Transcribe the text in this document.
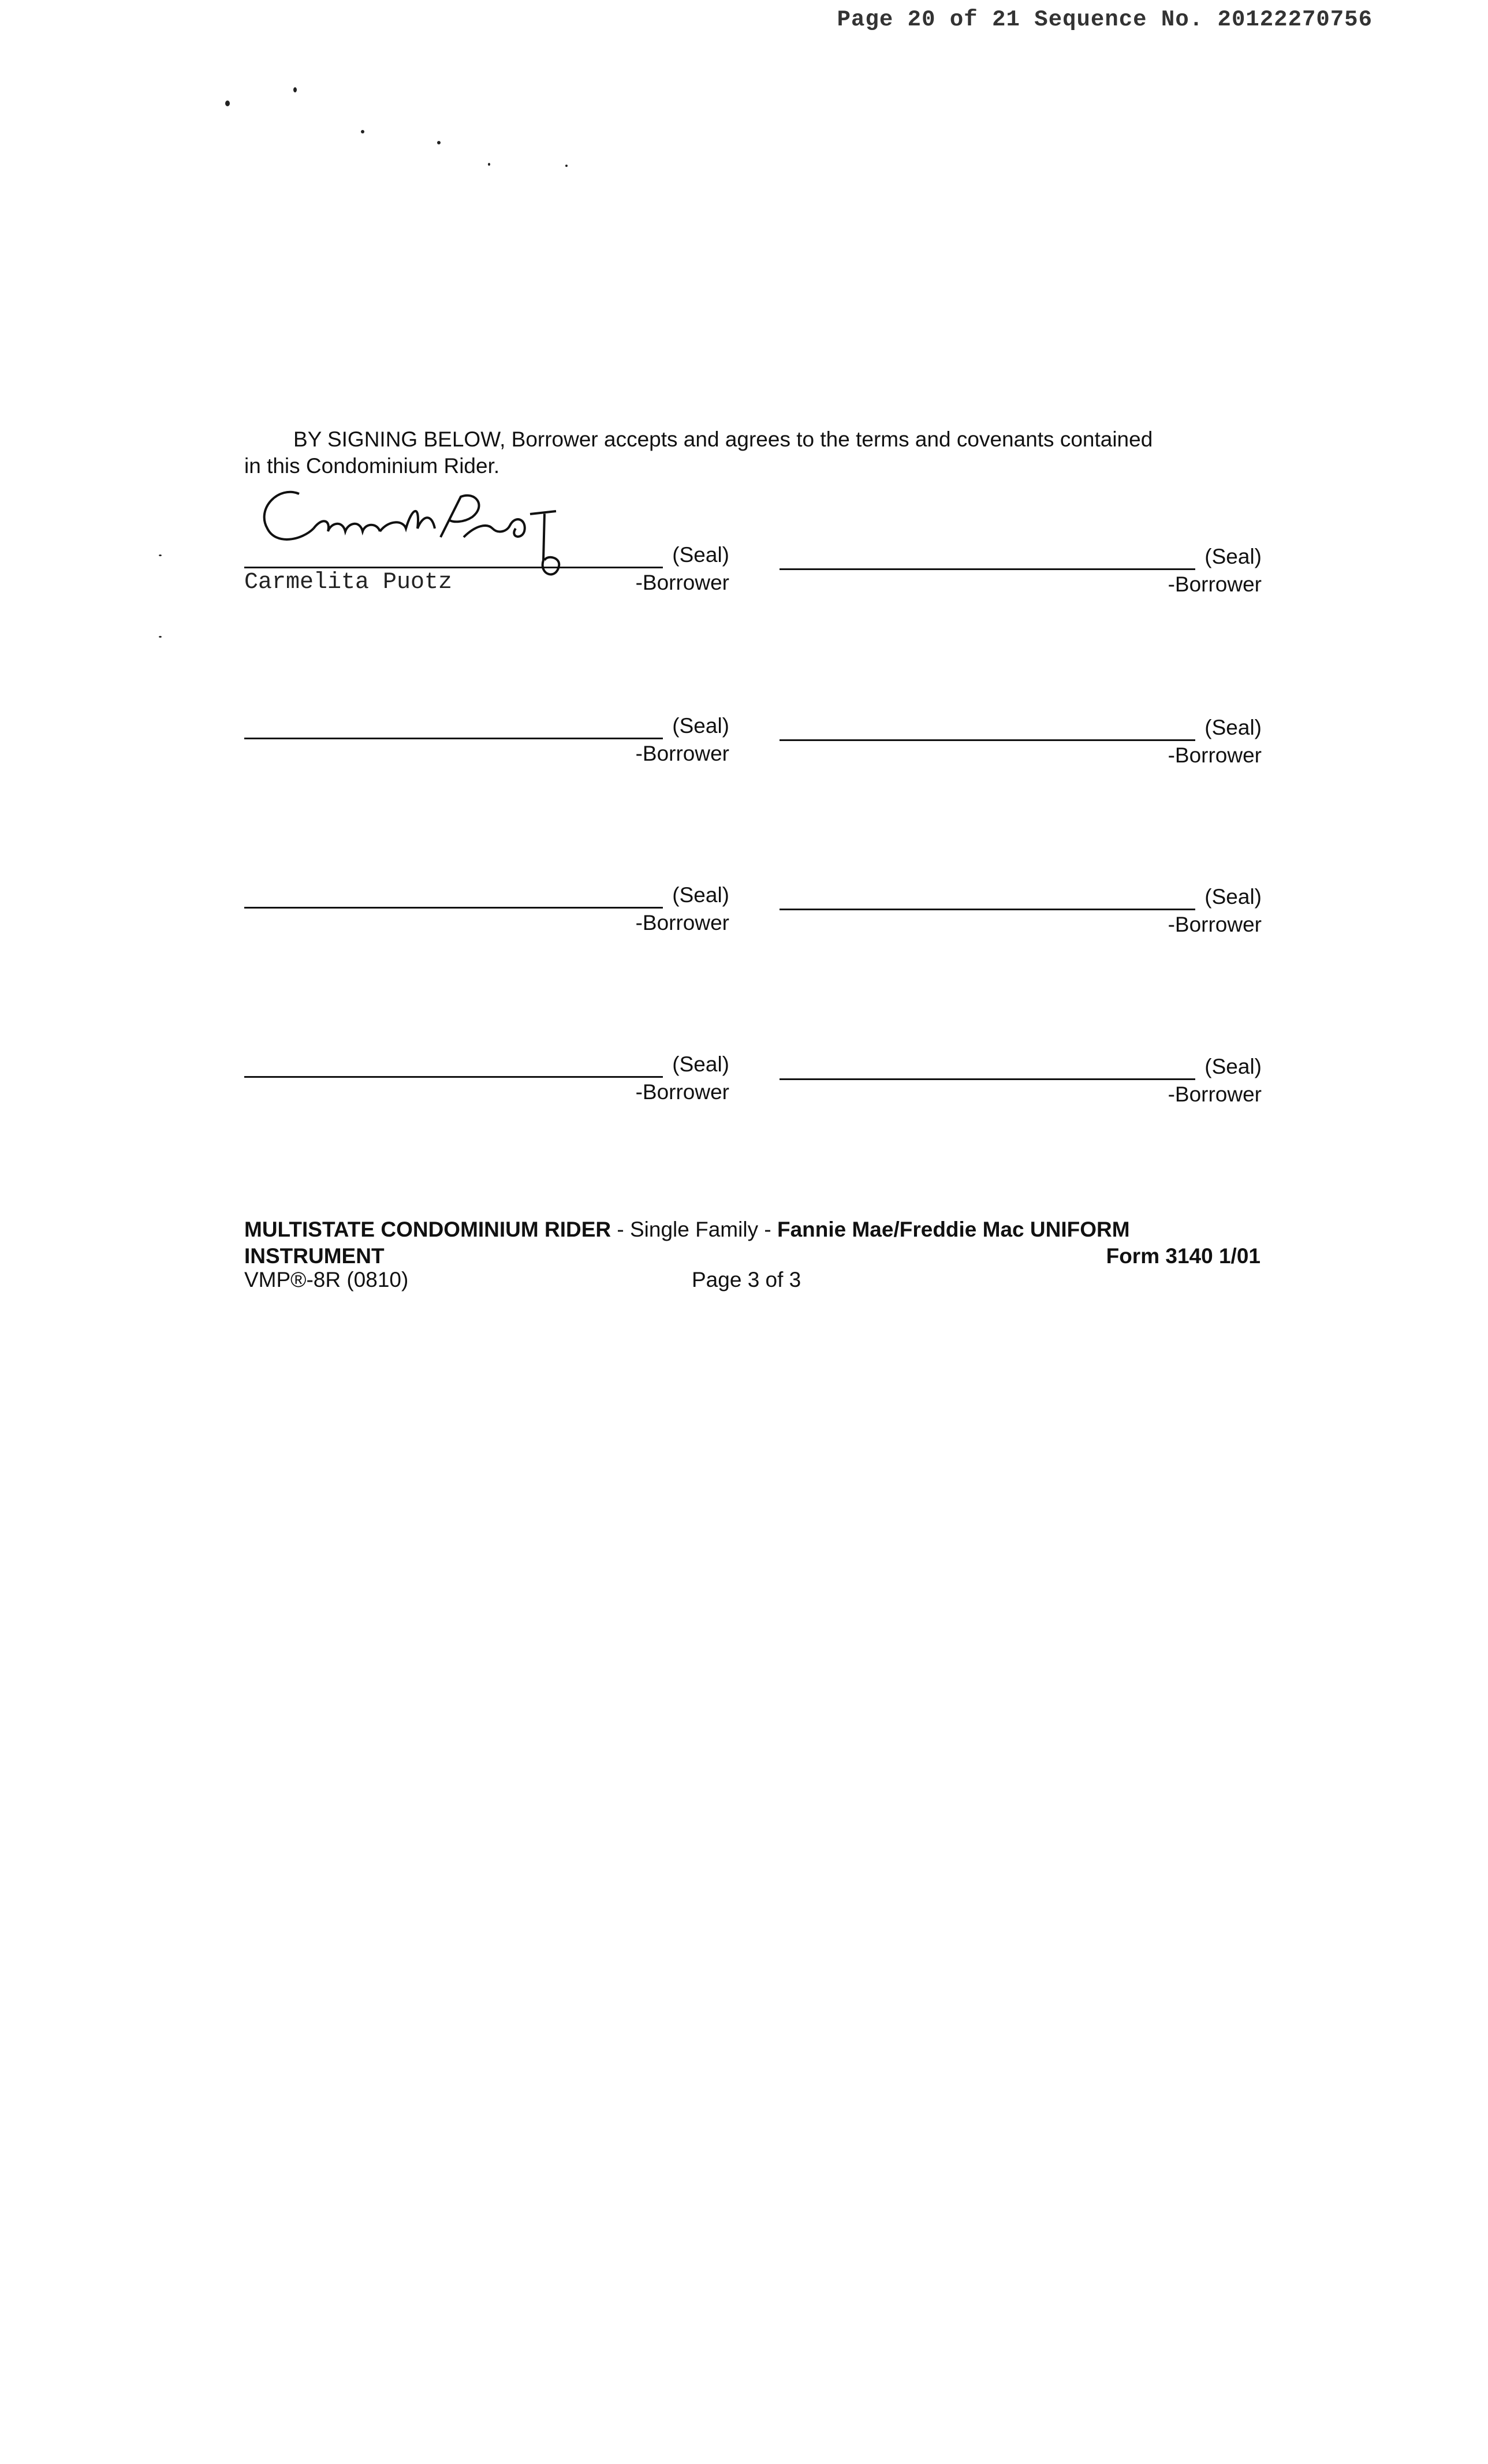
Page 20 of 21 Sequence No. 20122270756

BY SIGNING BELOW, Borrower accepts and agrees to the terms and covenants contained
in this Condominium Rider.

(Seal)
Carmelita Puotz	-Borrower
(Seal)
-Borrower
(Seal)
-Borrower
(Seal)
-Borrower
(Seal)
-Borrower
(Seal)
-Borrower
(Seal)
-Borrower
(Seal)
-Borrower
MULTISTATE CONDOMINIUM RIDER - Single Family - Fannie Mae/Freddie Mac UNIFORM
INSTRUMENT	Form 3140 1/01
VMP®-8R (0810)	Page 3 of 3
